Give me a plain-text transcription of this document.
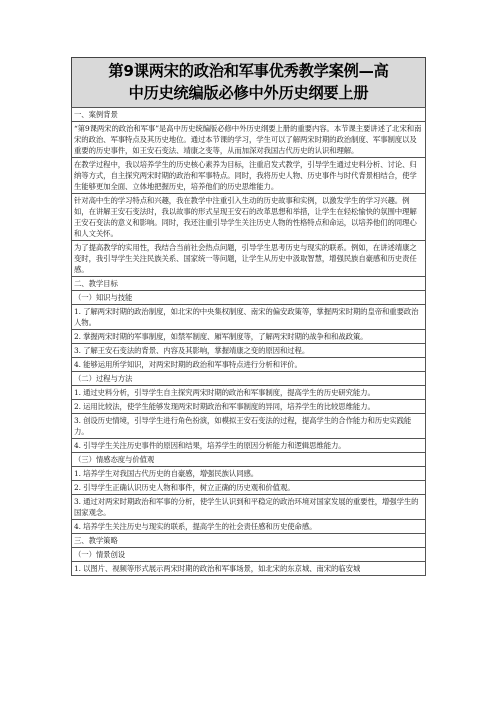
第9课两宋的政治和军事优秀教学案例—高
中历史统编版必修中外历史纲要上册
一、案例背景
“第9课两宋的政治和军事”是高中历史统编版必修中外历史纲要上册的重要内容。本节课主要讲述了北宋和南宋的政治、军事特点及其历史地位。通过本节课的学习，学生可以了解两宋时期的政治制度、军事制度以及重要的历史事件，如王安石变法、靖康之变等，从而加深对我国古代历史的认识和理解。
在教学过程中，我以培养学生的历史核心素养为目标，注重启发式教学，引导学生通过史料分析、讨论、归纳等方式，自主探究两宋时期的政治和军事特点。同时，我将历史人物、历史事件与时代背景相结合，使学生能够更加全面、立体地把握历史，培养他们的历史思维能力。
针对高中生的学习特点和兴趣，我在教学中注重引入生动的历史故事和实例，以激发学生的学习兴趣。例如，在讲解王安石变法时，我以故事的形式呈现王安石的改革思想和举措，让学生在轻松愉快的氛围中理解王安石变法的意义和影响。同时，我还注重引导学生关注历史人物的性格特点和命运，以培养他们的同理心和人文关怀。
为了提高教学的实用性，我结合当前社会热点问题，引导学生思考历史与现实的联系。例如，在讲述靖康之变时，我引导学生关注民族关系、国家统一等问题，让学生从历史中汲取智慧，增强民族自豪感和历史责任感。
二、教学目标
（一）知识与技能
1. 了解两宋时期的政治制度，如北宋的中央集权制度、南宋的偏安政策等，掌握两宋时期的皇帝和重要政治人物。
2. 掌握两宋时期的军事制度，如禁军制度、厢军制度等，了解两宋时期的战争和和战政策。
3. 了解王安石变法的背景、内容及其影响，掌握靖康之变的原因和过程。
4. 能够运用所学知识，对两宋时期的政治和军事特点进行分析和评价。
（二）过程与方法
1. 通过史料分析，引导学生自主探究两宋时期的政治和军事制度，提高学生的历史研究能力。
2. 运用比较法，使学生能够发现两宋时期政治和军事制度的异同，培养学生的比较思维能力。
3. 创设历史情境，引导学生进行角色扮演，如模拟王安石变法的过程，提高学生的合作能力和历史实践能力。
4. 引导学生关注历史事件的原因和结果，培养学生的原因分析能力和逻辑思维能力。
（三）情感态度与价值观
1. 培养学生对我国古代历史的自豪感，增强民族认同感。
2. 引导学生正确认识历史人物和事件，树立正确的历史观和价值观。
3. 通过对两宋时期政治和军事的分析，使学生认识到和平稳定的政治环境对国家发展的重要性，增强学生的国家观念。
4. 培养学生关注历史与现实的联系，提高学生的社会责任感和历史使命感。
三、教学策略
（一）情景创设
1. 以图片、视频等形式展示两宋时期的政治和军事场景，如北宋的东京城、南宋的临安城
